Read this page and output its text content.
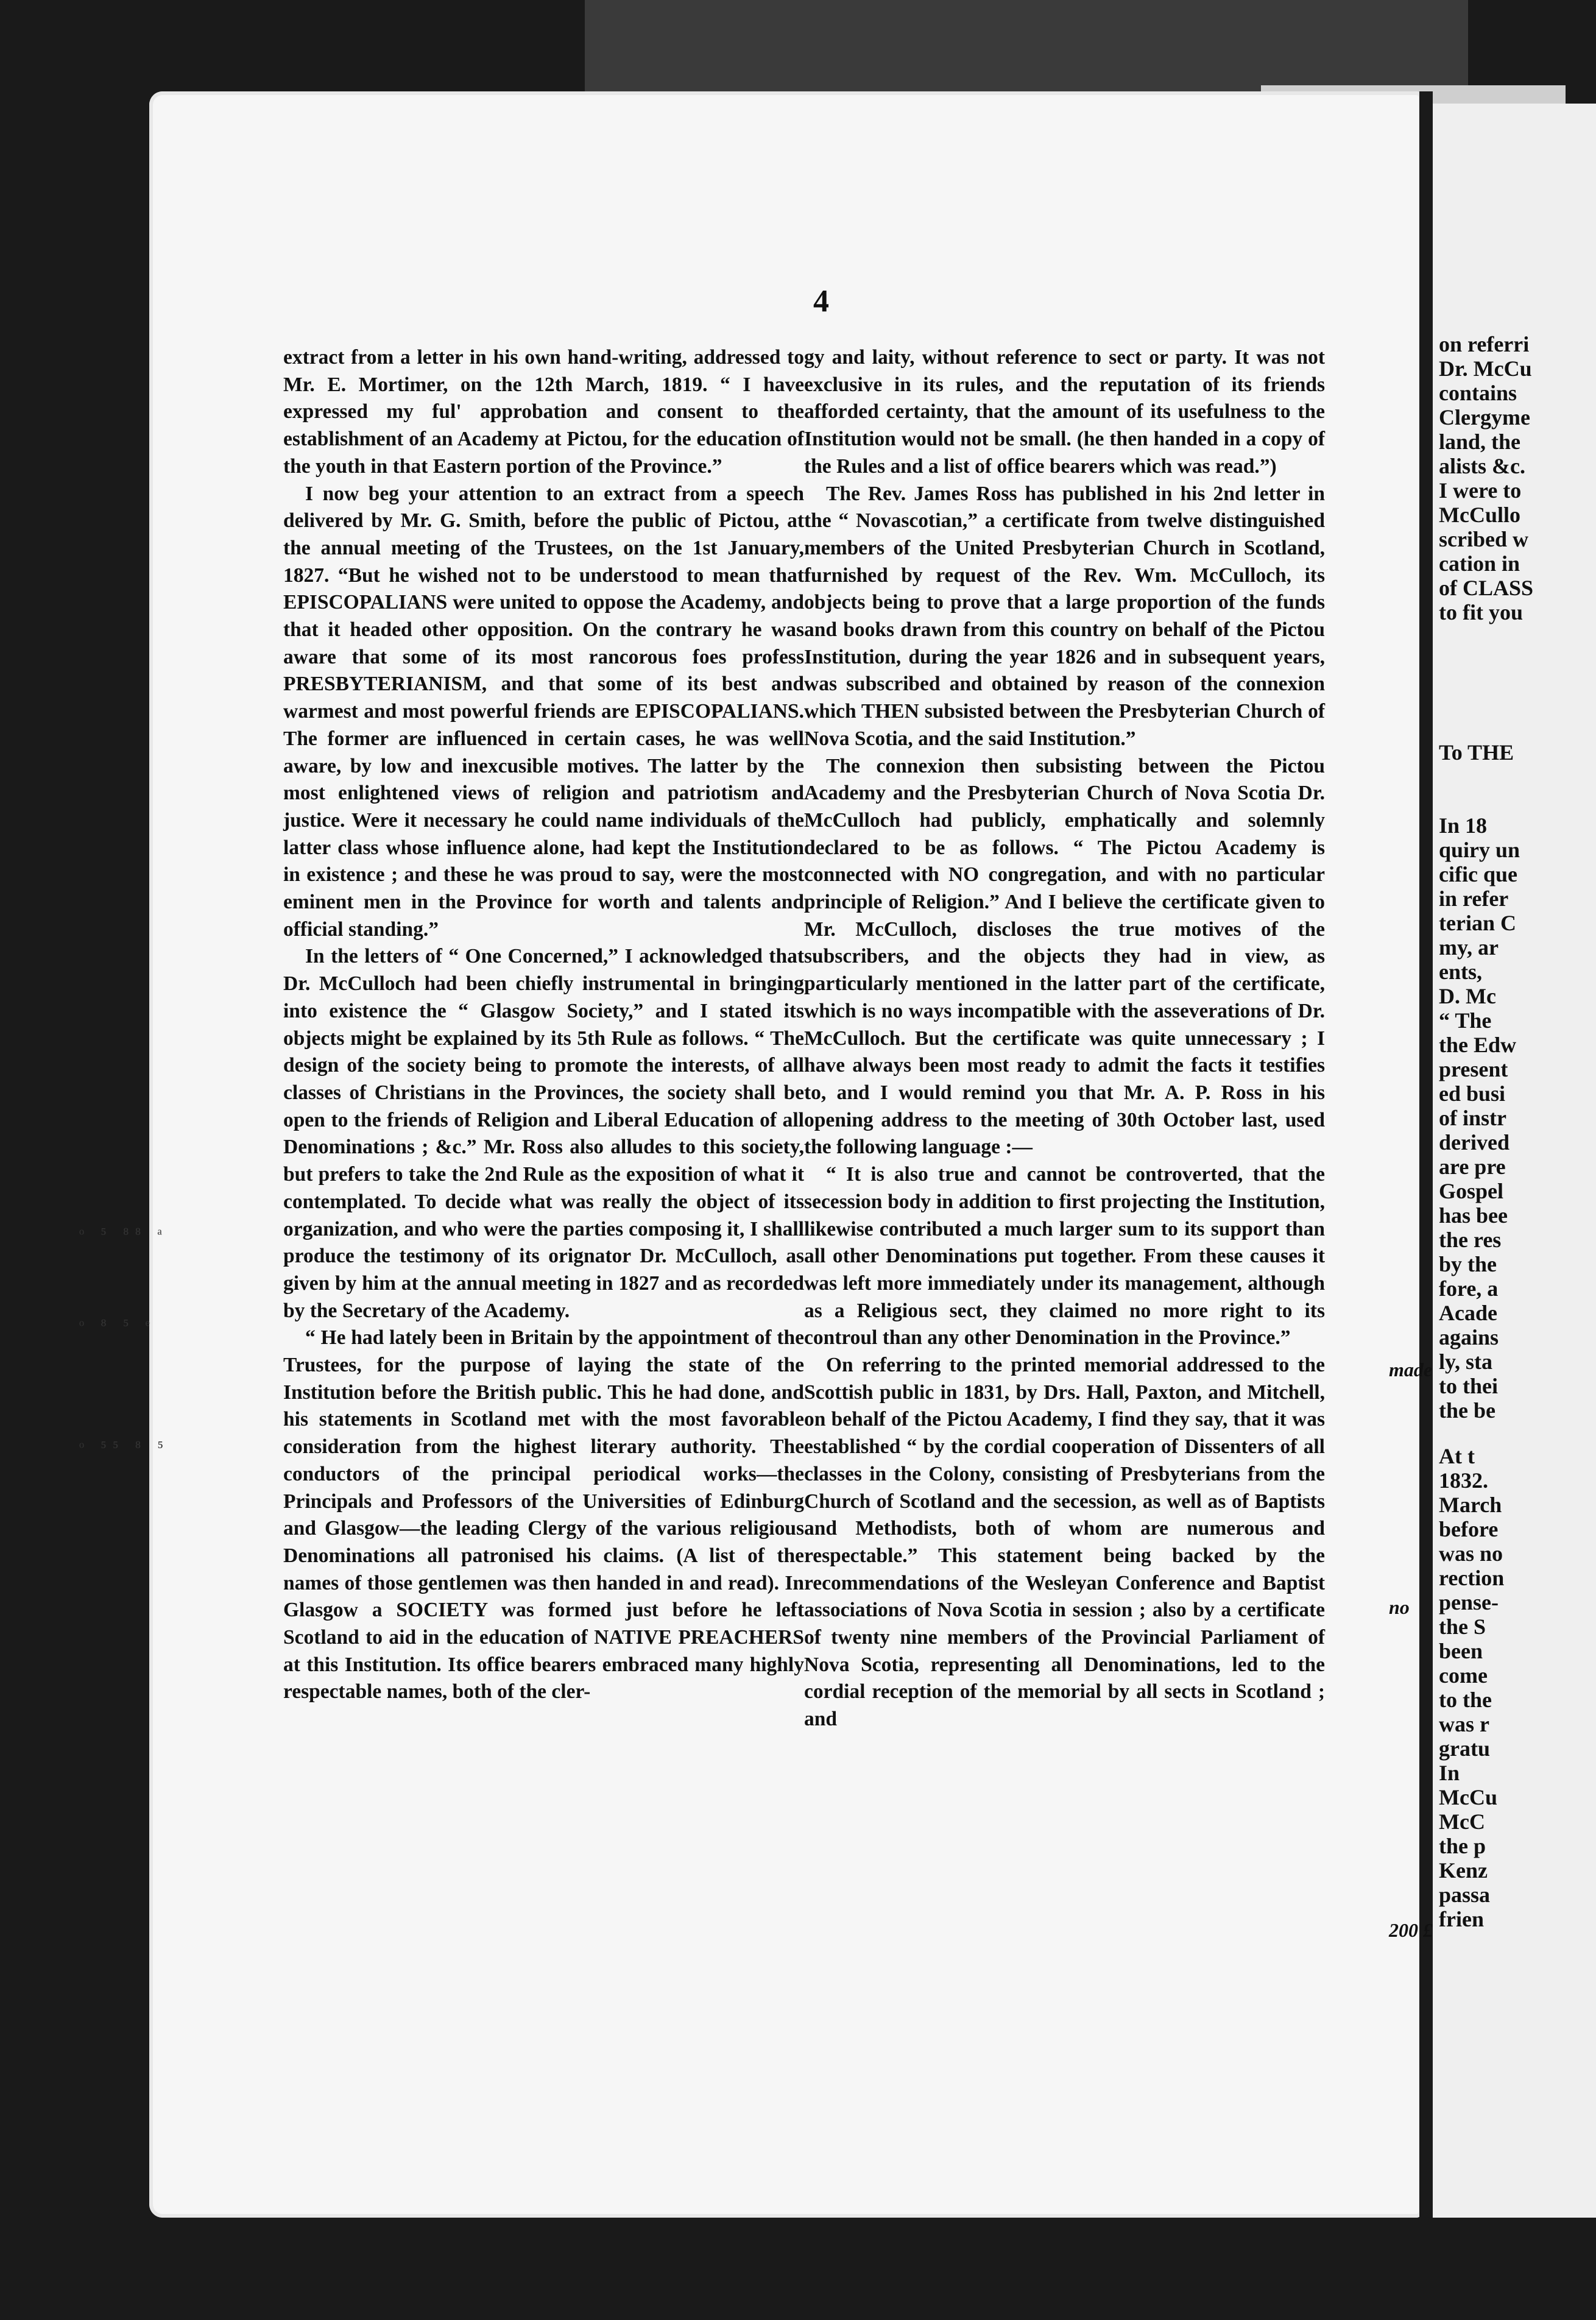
ᵒ ⁵ ⁸⁸ ᵃ
ᵒ ⁸ ⁵ ᵉ
ᵒ ⁵⁵ ⁸ ⁵
4

extract from a letter in his own hand-writing, addressed to Mr. E. Mortimer, on the 12th March, 1819. “ I have expressed my ful' approbation and consent to the establishment of an Academy at Pictou, for the education of the youth in that Eastern portion of the Province.”

I now beg your attention to an extract from a speech delivered by Mr. G. Smith, before the public of Pictou, at the annual meeting of the Trustees, on the 1st January, 1827. “But he wished not to be understood to mean that EPISCOPALIANS were united to oppose the Academy, and that it headed other opposition. On the contrary he was aware that some of its most rancorous foes profess PRESBYTERIANISM, and that some of its best and warmest and most powerful friends are EPISCOPALIANS. The former are influenced in certain cases, he was well aware, by low and inexcusible motives. The latter by the most enlightened views of religion and patriotism and justice. Were it necessary he could name individuals of the latter class whose influence alone, had kept the Institution in existence ; and these he was proud to say, were the most eminent men in the Province for worth and talents and official standing.”

In the letters of “ One Concerned,” I acknowledged that Dr. McCulloch had been chiefly instrumental in bringing into existence the “ Glasgow Society,” and I stated its objects might be explained by its 5th Rule as follows. “ The design of the society being to promote the interests, of all classes of Christians in the Provinces, the society shall be open to the friends of Religion and Liberal Education of all Denominations ; &c.” Mr. Ross also alludes to this society, but prefers to take the 2nd Rule as the exposition of what it contemplated. To decide what was really the object of its organization, and who were the parties composing it, I shall produce the testimony of its orignator Dr. McCulloch, as given by him at the annual meeting in 1827 and as recorded by the Secretary of the Academy.

“ He had lately been in Britain by the appointment of the Trustees, for the purpose of laying the state of the Institution before the British public. This he had done, and his statements in Scotland met with the most favorable consideration from the highest literary authority. The conductors of the principal periodical works—the Principals and Professors of the Universities of Edinburg and Glasgow—the leading Clergy of the various religious Denominations all patronised his claims. (A list of the names of those gentlemen was then handed in and read). In Glasgow a SOCIETY was formed just before he left Scotland to aid in the education of NATIVE PREACHERS at this Institution. Its office bearers embraced many highly respectable names, both of the cler-

gy and laity, without reference to sect or party. It was not exclusive in its rules, and the reputation of its friends afforded certainty, that the amount of its usefulness to the Institution would not be small. (he then handed in a copy of the Rules and a list of office bearers which was read.”)

The Rev. James Ross has published in his 2nd letter in the “ Novascotian,” a certificate from twelve distinguished members of the United Presbyterian Church in Scotland, furnished by request of the Rev. Wm. McCulloch, its objects being to prove that a large proportion of the funds and books drawn from this country on behalf of the Pictou Institution, during the year 1826 and in subsequent years, was subscribed and obtained by reason of the connexion which THEN subsisted between the Presbyterian Church of Nova Scotia, and the said Institution.”

The connexion then subsisting between the Pictou Academy and the Presbyterian Church of Nova Scotia Dr. McCulloch had publicly, emphatically and solemnly declared to be as follows. “ The Pictou Academy is connected with NO congregation, and with no particular principle of Religion.” And I believe the certificate given to Mr. McCulloch, discloses the true motives of the subscribers, and the objects they had in view, as particularly mentioned in the latter part of the certificate, which is no ways incompatible with the asseverations of Dr. McCulloch. But the certificate was quite unnecessary ; I have always been most ready to admit the facts it testifies to, and I would remind you that Mr. A. P. Ross in his opening address to the meeting of 30th October last, used the following language :—

“ It is also true and cannot be controverted, that the secession body in addition to first projecting the Institution, likewise contributed a much larger sum to its support than all other Denominations put together. From these causes it was left more immediately under its management, although as a Religious sect, they claimed no more right to its controul than any other Denomination in the Province.”

On referring to the printed memorial addressed to the Scottish public in 1831, by Drs. Hall, Paxton, and Mitchell, on behalf of the Pictou Academy, I find they say, that it was established “ by the cordial cooperation of Dissenters of all classes in the Colony, consisting of Presbyterians from the Church of Scotland and the secession, as well as of Baptists and Methodists, both of whom are numerous and respectable.” This statement being backed by the recommendations of the Wesleyan Conference and Baptist associations of Nova Scotia in session ; also by a certificate of twenty nine members of the Provincial Parliament of Nova Scotia, representing all Denominations, led to the cordial reception of the memorial by all sects in Scotland ; and

on referri
Dr. McCu
contains
Clergyme
land, the
alists &c.
I were to
McCullo
scribed w
cation in
of CLASS
to fit you
To THE
In 18
quiry un
cific que
in refer
terian C
my, ar
ents,
D. Mc
“ The
the Edw
present
ed busi
of instr
derived
are pre
Gospel
has bee
the res
by the
fore, a
Acade
agains
ly, sta
to thei
the be
At t
1832.
March
before
was no
rection
pense-
the S
been
come
to the
was r
gratu
In
McCu
McC
the p
Kenz
passa
frien
made
no
200 £
